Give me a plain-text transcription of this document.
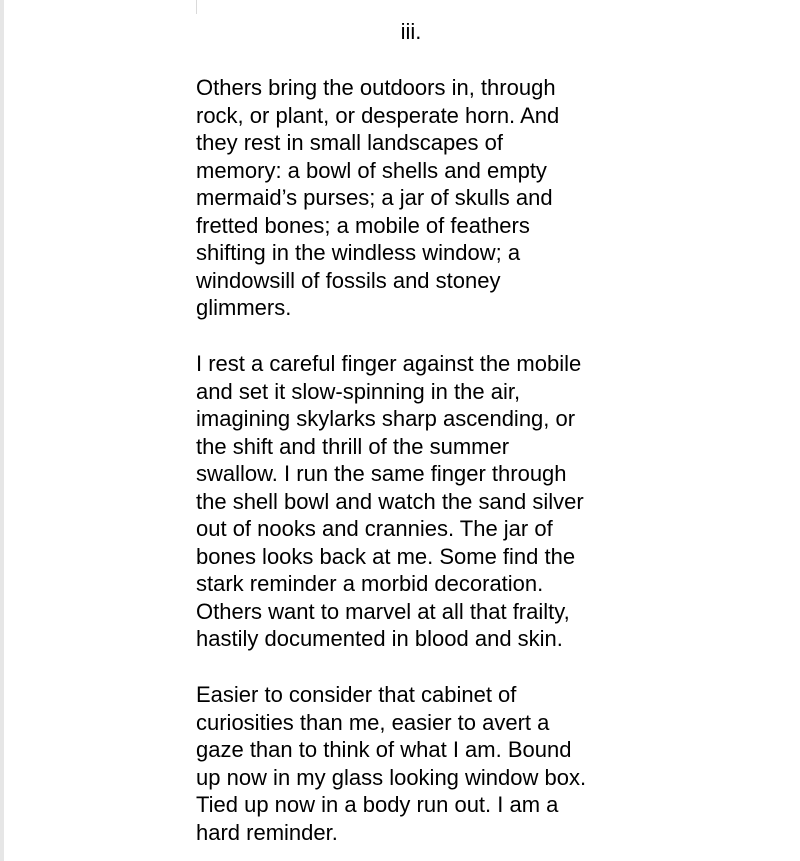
iii.

Others bring the outdoors in, through
rock, or plant, or desperate horn. And
they rest in small landscapes of
memory: a bowl of shells and empty
mermaid’s purses; a jar of skulls and
fretted bones; a mobile of feathers
shifting in the windless window; a
windowsill of fossils and stoney
glimmers.

I rest a careful finger against the mobile
and set it slow-spinning in the air,
imagining skylarks sharp ascending, or
the shift and thrill of the summer
swallow. I run the same finger through
the shell bowl and watch the sand silver
out of nooks and crannies. The jar of
bones looks back at me. Some find the
stark reminder a morbid decoration.
Others want to marvel at all that frailty,
hastily documented in blood and skin.

Easier to consider that cabinet of
curiosities than me, easier to avert a
gaze than to think of what I am. Bound
up now in my glass looking window box.
Tied up now in a body run out. I am a
hard reminder.
